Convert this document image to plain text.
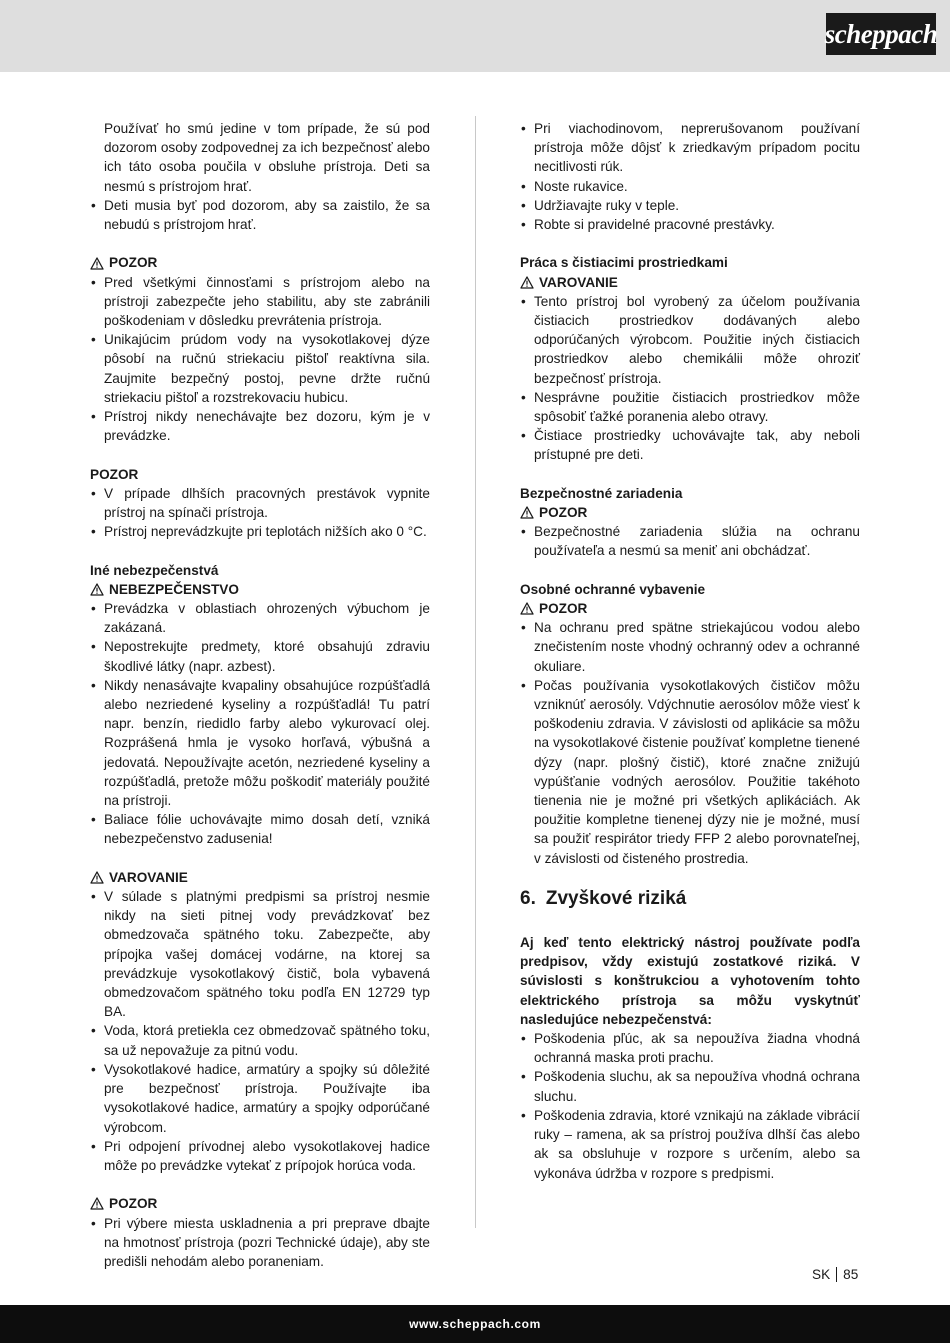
scheppach

Používať ho smú jedine v tom prípade, že sú pod dozorom osoby zodpovednej za ich bezpečnosť alebo ich táto osoba poučila v obsluhe prístroja. Deti sa nesmú s prístrojom hrať.

• Deti musia byť pod dozorom, aby sa zaistilo, že sa nebudú s prístrojom hrať.
POZOR
• Pred všetkými činnosťami s prístrojom alebo na prístroji zabezpečte jeho stabilitu, aby ste zabránili poškodeniam v dôsledku prevrátenia prístroja.
• Unikajúcim prúdom vody na vysokotlakovej dýze pôsobí na ručnú striekaciu pištoľ reaktívna sila. Zaujmite bezpečný postoj, pevne držte ručnú striekaciu pištoľ a rozstrekovaciu hubicu.
• Prístroj nikdy nenechávajte bez dozoru, kým je v prevádzke.
POZOR
• V prípade dlhších pracovných prestávok vypnite prístroj na spínači prístroja.
• Prístroj neprevádzkujte pri teplotách nižších ako 0 °C.
Iné nebezpečenstvá
NEBEZPEČENSTVO
• Prevádzka v oblastiach ohrozených výbuchom je zakázaná.
• Nepostrekujte predmety, ktoré obsahujú zdraviu škodlivé látky (napr. azbest).
• Nikdy nenasávajte kvapaliny obsahujúce rozpúšťadlá alebo nezriedené kyseliny a rozpúšťadlá! Tu patrí napr. benzín, riedidlo farby alebo vykurovací olej. Rozprášená hmla je vysoko horľavá, výbušná a jedovatá. Nepoužívajte acetón, nezriedené kyseliny a rozpúšťadlá, pretože môžu poškodiť materiály použité na prístroji.
• Baliace fólie uchovávajte mimo dosah detí, vzniká nebezpečenstvo zadusenia!
VAROVANIE
• V súlade s platnými predpismi sa prístroj nesmie nikdy na sieti pitnej vody prevádzkovať bez obmedzovača spätného toku. Zabezpečte, aby prípojka vašej domácej vodárne, na ktorej sa prevádzkuje vysokotlakový čistič, bola vybavená obmedzovačom spätného toku podľa EN 12729 typ BA.
• Voda, ktorá pretiekla cez obmedzovač spätného toku, sa už nepovažuje za pitnú vodu.
• Vysokotlakové hadice, armatúry a spojky sú dôležité pre bezpečnosť prístroja. Používajte iba vysokotlakové hadice, armatúry a spojky odporúčané výrobcom.
• Pri odpojení prívodnej alebo vysokotlakovej hadice môže po prevádzke vytekať z prípojok horúca voda.
POZOR
• Pri výbere miesta uskladnenia a pri preprave dbajte na hmotnosť prístroja (pozri Technické údaje), aby ste predišli nehodám alebo poraneniam.
• Pri viachodinovom, neprerušovanom používaní prístroja môže dôjsť k zriedkavým prípadom pocitu necitlivosti rúk.
• Noste rukavice.
• Udržiavajte ruky v teple.
• Robte si pravidelné pracovné prestávky.
Práca s čistiacimi prostriedkami
VAROVANIE
• Tento prístroj bol vyrobený za účelom používania čistiacich prostriedkov dodávaných alebo odporúčaných výrobcom. Použitie iných čistiacich prostriedkov alebo chemikálii môže ohroziť bezpečnosť prístroja.
• Nesprávne použitie čistiacich prostriedkov môže spôsobiť ťažké poranenia alebo otravy.
• Čistiace prostriedky uchovávajte tak, aby neboli prístupné pre deti.
Bezpečnostné zariadenia
POZOR
• Bezpečnostné zariadenia slúžia na ochranu používateľa a nesmú sa meniť ani obchádzať.
Osobné ochranné vybavenie
POZOR
• Na ochranu pred spätne striekajúcou vodou alebo znečistením noste vhodný ochranný odev a ochranné okuliare.
• Počas používania vysokotlakových čističov môžu vzniknúť aerosóly. Vdýchnutie aerosólov môže viesť k poškodeniu zdravia. V závislosti od aplikácie sa môžu na vysokotlakové čistenie používať kompletne tienené dýzy (napr. plošný čistič), ktoré značne znižujú vypúšťanie vodných aerosólov. Použitie takéhoto tienenia nie je možné pri všetkých aplikáciách. Ak použitie kompletne tienenej dýzy nie je možné, musí sa použiť respirátor triedy FFP 2 alebo porovnateľnej, v závislosti od čisteného prostredia.
6. Zvyškové riziká

Aj keď tento elektrický nástroj používate podľa predpisov, vždy existujú zostatkové riziká. V súvislosti s konštrukciou a vyhotovením tohto elektrického prístroja sa môžu vyskytnúť nasledujúce nebezpečenstvá:

• Poškodenia pľúc, ak sa nepoužíva žiadna vhodná ochranná maska proti prachu.
• Poškodenia sluchu, ak sa nepoužíva vhodná ochrana sluchu.
• Poškodenia zdravia, ktoré vznikajú na základe vibrácií ruky – ramena, ak sa prístroj používa dlhší čas alebo ak sa obsluhuje v rozpore s určením, alebo sa vykonáva údržba v rozpore s predpismi.
SK 85
www.scheppach.com
